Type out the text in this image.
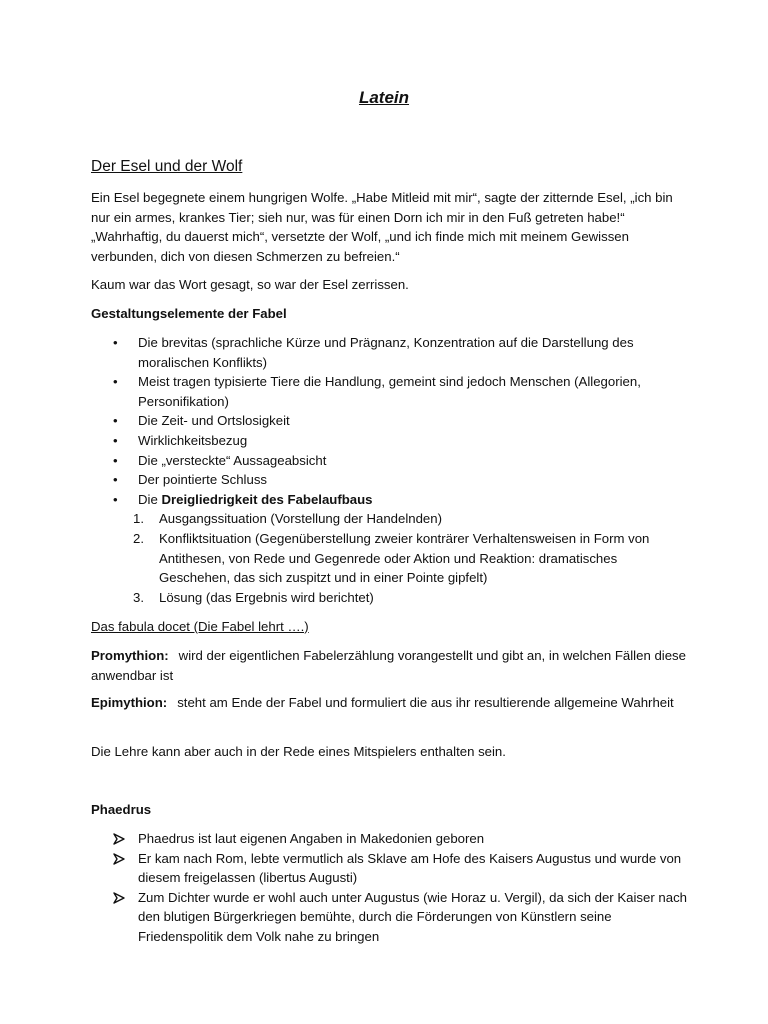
Latein
Der Esel und der Wolf
Ein Esel begegnete einem hungrigen Wolfe. „Habe Mitleid mit mir“, sagte der zitternde Esel, „ich bin nur ein armes, krankes Tier; sieh nur, was für einen Dorn ich mir in den Fuß getreten habe!“ „Wahrhaftig, du dauerst mich“, versetzte der Wolf, „und ich finde mich mit meinem Gewissen verbunden, dich von diesen Schmerzen zu befreien.“
Kaum war das Wort gesagt, so war der Esel zerrissen.
Gestaltungselemente der Fabel
• Die brevitas (sprachliche Kürze und Prägnanz, Konzentration auf die Darstellung des moralischen Konflikts)
• Meist tragen typisierte Tiere die Handlung, gemeint sind jedoch Menschen (Allegorien, Personifikation)
• Die Zeit- und Ortslosigkeit
• Wirklichkeitsbezug
• Die „versteckte“ Aussageabsicht
• Der pointierte Schluss
• Die Dreigliedrigkeit des Fabelaufbaus
1. Ausgangssituation (Vorstellung der Handelnden)
2. Konfliktsituation (Gegenüberstellung zweier konträrer Verhaltensweisen in Form von Antithesen, von Rede und Gegenrede oder Aktion und Reaktion: dramatisches Geschehen, das sich zuspitzt und in einer Pointe gipfelt)
3. Lösung (das Ergebnis wird berichtet)
Das fabula docet (Die Fabel lehrt ….)
Promythion: wird der eigentlichen Fabelerzählung vorangestellt und gibt an, in welchen Fällen diese anwendbar ist
Epimythion: steht am Ende der Fabel und formuliert die aus ihr resultierende allgemeine Wahrheit
Die Lehre kann aber auch in der Rede eines Mitspielers enthalten sein.
Phaedrus
Phaedrus ist laut eigenen Angaben in Makedonien geboren
Er kam nach Rom, lebte vermutlich als Sklave am Hofe des Kaisers Augustus und wurde von diesem freigelassen (libertus Augusti)
Zum Dichter wurde er wohl auch unter Augustus (wie Horaz u. Vergil), da sich der Kaiser nach den blutigen Bürgerkriegen bemühte, durch die Förderungen von Künstlern seine Friedenspolitik dem Volk nahe zu bringen
